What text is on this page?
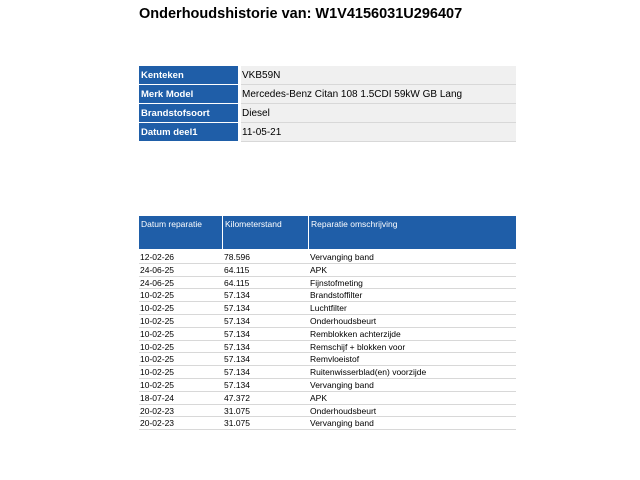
Onderhoudshistorie van: W1V4156031U296407
Kenteken	VKB59N
Merk Model	Mercedes-Benz Citan 108 1.5CDI 59kW GB Lang
Brandstofsoort	Diesel
Datum deel1	11-05-21
Datum reparatie	Kilometerstand	Reparatie omschrijving
12-02-26	78.596	Vervanging band
24-06-25	64.115	APK
24-06-25	64.115	Fijnstofmeting
10-02-25	57.134	Brandstoffilter
10-02-25	57.134	Luchtfilter
10-02-25	57.134	Onderhoudsbeurt
10-02-25	57.134	Remblokken achterzijde
10-02-25	57.134	Remschijf + blokken voor
10-02-25	57.134	Remvloeistof
10-02-25	57.134	Ruitenwisserblad(en) voorzijde
10-02-25	57.134	Vervanging band
18-07-24	47.372	APK
20-02-23	31.075	Onderhoudsbeurt
20-02-23	31.075	Vervanging band
